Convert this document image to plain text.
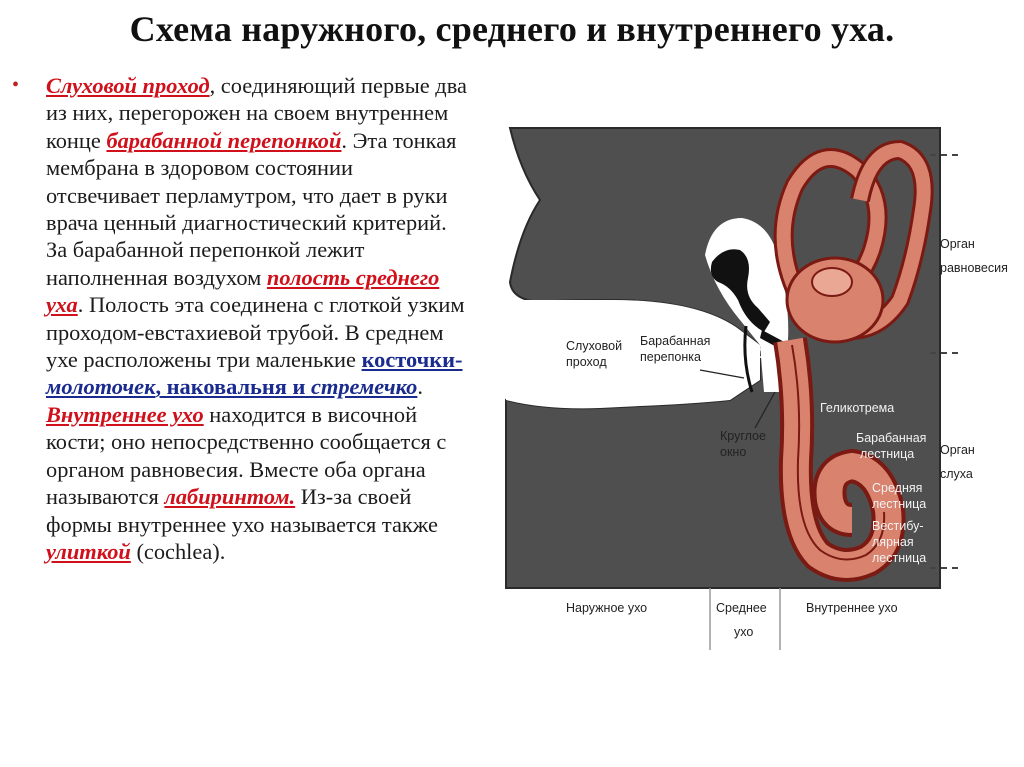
Схема наружного, среднего и внутреннего уха.
• Слуховой проход, соединяющий первые два из них, перегорожен на своем внутреннем конце барабанной перепонкой. Эта тонкая мембрана в здоровом состоянии отсвечивает перламутром, что дает в руки врача ценный диагностический критерий. За барабанной перепонкой лежит наполненная воздухом полость среднего уха. Полость эта соединена с глоткой узким проходом-евстахиевой трубой. В среднем ухе расположены три маленькие косточки-молоточек, наковальня и стремечко. Внутреннее ухо находится в височной кости; оно непосредственно сообщается с органом равновесия. Вместе оба органа называются лабиринтом. Из-за своей формы внутреннее ухо называется также улиткой (cochlea).
Слуховой
проход
Барабанная
перепонка	С
Круглое
окно
Геликотрема
Барабанная
лестница
Средняя
лестница
Вестибу-
лярная
лестница
Орган
равновесия
Орган
слуха
Наружное ухо	Среднее
ухо
Внутреннее ухо
